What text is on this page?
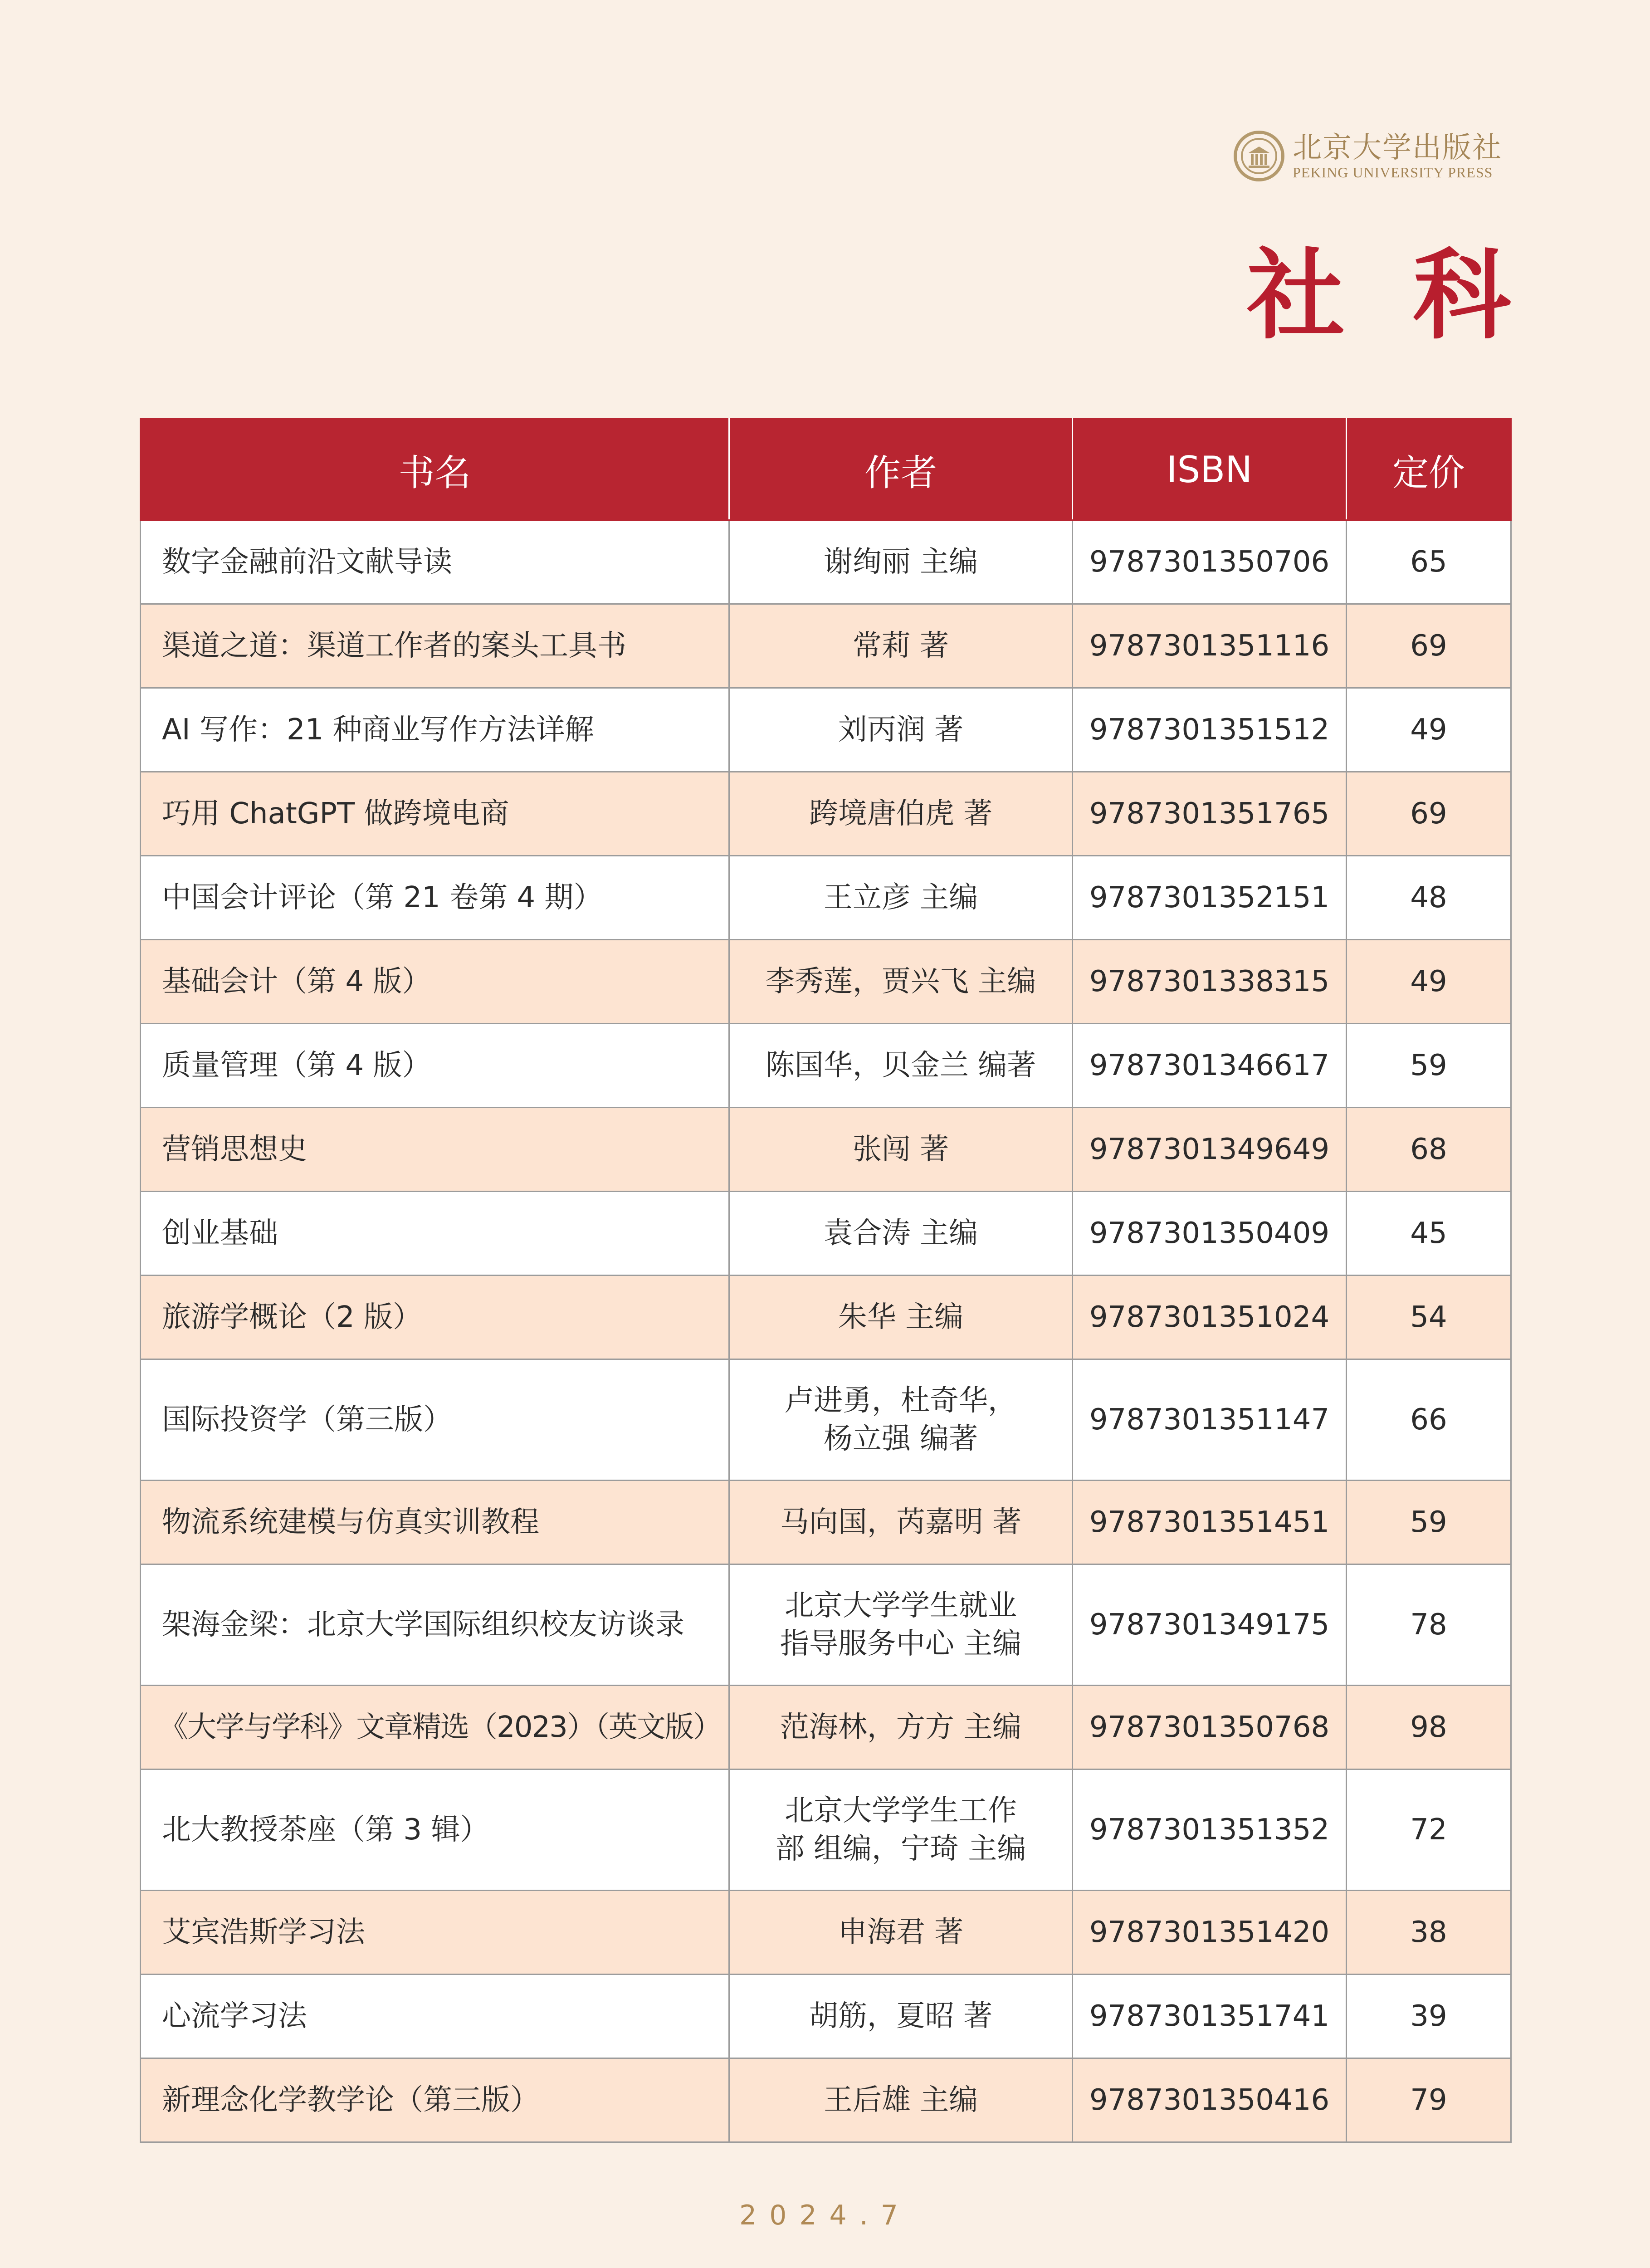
北京大学出版社
PEKING UNIVERSITY PRESS
社科
书名	作者	ISBN	定价
数字金融前沿文献导读	谢绚丽 主编	9787301350706	65
渠道之道：渠道工作者的案头工具书	常莉 著	9787301351116	69
AI 写作：21 种商业写作方法详解	刘丙润 著	9787301351512	49
巧用 ChatGPT 做跨境电商	跨境唐伯虎 著	9787301351765	69
中国会计评论（第 21 卷第 4 期）	王立彦 主编	9787301352151	48
基础会计（第 4 版）	李秀莲，贾兴飞 主编	9787301338315	49
质量管理（第 4 版）	陈国华，贝金兰 编著	9787301346617	59
营销思想史	张闯 著	9787301349649	68
创业基础	袁合涛 主编	9787301350409	45
旅游学概论（2 版）	朱华 主编	9787301351024	54
国际投资学（第三版）	卢进勇，杜奇华，
杨立强 编著	9787301351147	66
物流系统建模与仿真实训教程	马向国，芮嘉明 著	9787301351451	59
架海金梁：北京大学国际组织校友访谈录	北京大学学生就业
指导服务中心 主编	9787301349175	78
《大学与学科》文章精选（2023）（英文版）	范海林，方方 主编	9787301350768	98
北大教授茶座（第 3 辑）	北京大学学生工作
部 组编，宁琦 主编	9787301351352	72
艾宾浩斯学习法	申海君 著	9787301351420	38
心流学习法	胡筋，夏昭 著	9787301351741	39
新理念化学教学论（第三版）	王后雄 主编	9787301350416	79
2024.7
